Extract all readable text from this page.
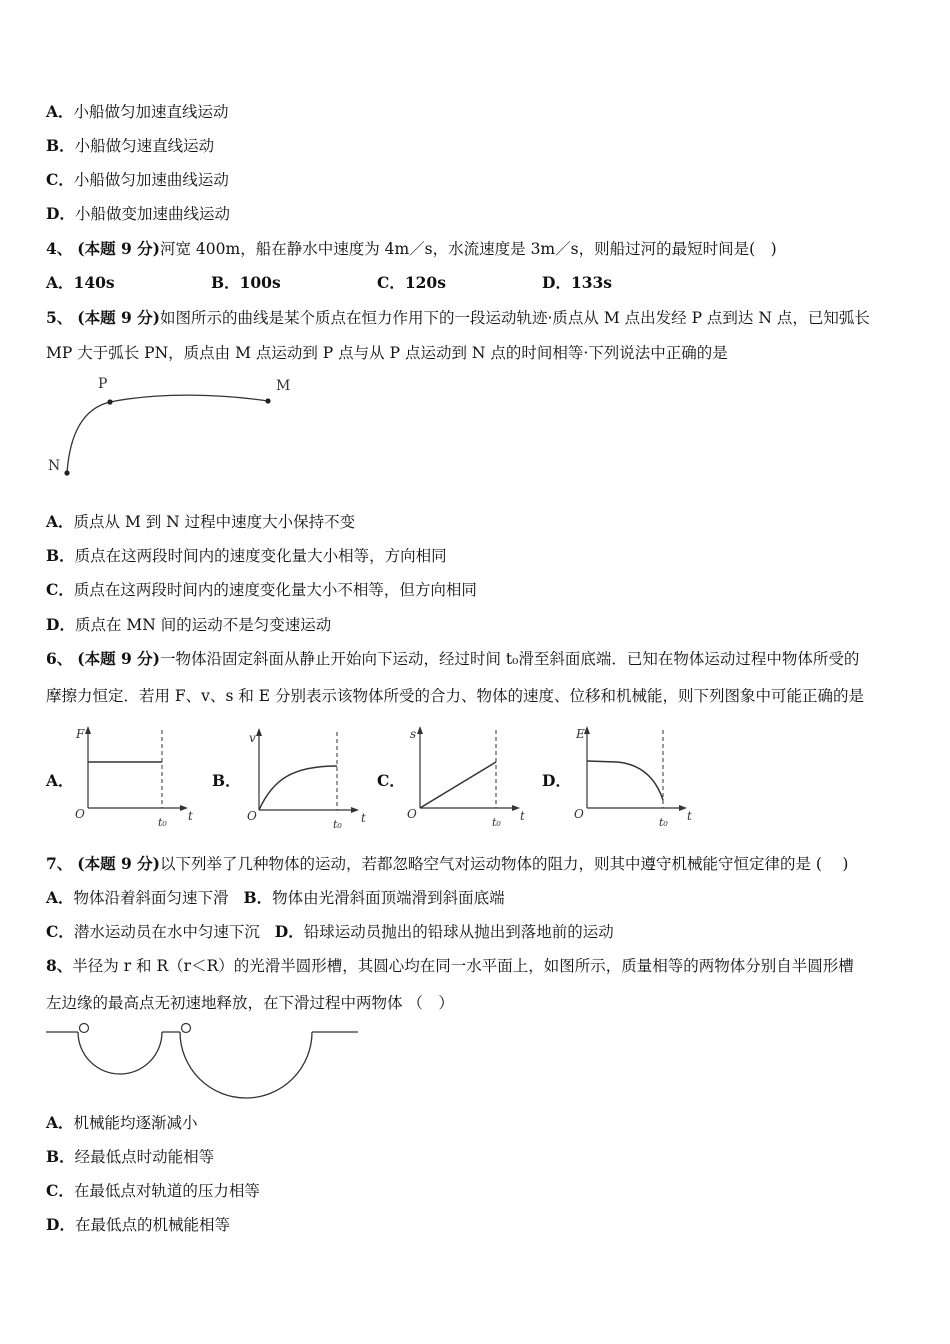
A．小船做匀加速直线运动
B．小船做匀速直线运动
C．小船做匀加速曲线运动
D．小船做变加速曲线运动
4、 (本题 9 分)河宽 400m，船在静水中速度为 4m／s，水流速度是 3m／s，则船过河的最短时间是(　)
A．140s	B．100s	C．120s	D．133s
5、 (本题 9 分)如图所示的曲线是某个质点在恒力作用下的一段运动轨迹·质点从 M 点出发经 P 点到达 N 点，已知弧长
MP 大于弧长 PN，质点由 M 点运动到 P 点与从 P 点运动到 N 点的时间相等·下列说法中正确的是
P	M
N
A．质点从 M 到 N 过程中速度大小保持不变
B．质点在这两段时间内的速度变化量大小相等，方向相同
C．质点在这两段时间内的速度变化量大小不相等，但方向相同
D．质点在 MN 间的运动不是匀变速运动
6、 (本题 9 分)一物体沿固定斜面从静止开始向下运动，经过时间 t₀滑至斜面底端．已知在物体运动过程中物体所受的
摩擦力恒定．若用 F、v、s 和 E 分别表示该物体所受的合力、物体的速度、位移和机械能，则下列图象中可能正确的是
A．
F
O
t₀ t
B．
v
O
t₀ t
C．
s
O
t₀ t
D．
E
O
t₀ t
7、 (本题 9 分)以下列举了几种物体的运动，若都忽略空气对运动物体的阻力，则其中遵守机械能守恒定律的是 (　 )
A．物体沿着斜面匀速下滑 B．物体由光滑斜面顶端滑到斜面底端
C．潜水运动员在水中匀速下沉 D．铅球运动员抛出的铅球从抛出到落地前的运动
8、半径为 r 和 R（r＜R）的光滑半圆形槽，其圆心均在同一水平面上，如图所示，质量相等的两物体分别自半圆形槽
左边缘的最高点无初速地释放，在下滑过程中两物体 （　）
A．机械能均逐渐减小
B．经最低点时动能相等
C．在最低点对轨道的压力相等
D．在最低点的机械能相等
